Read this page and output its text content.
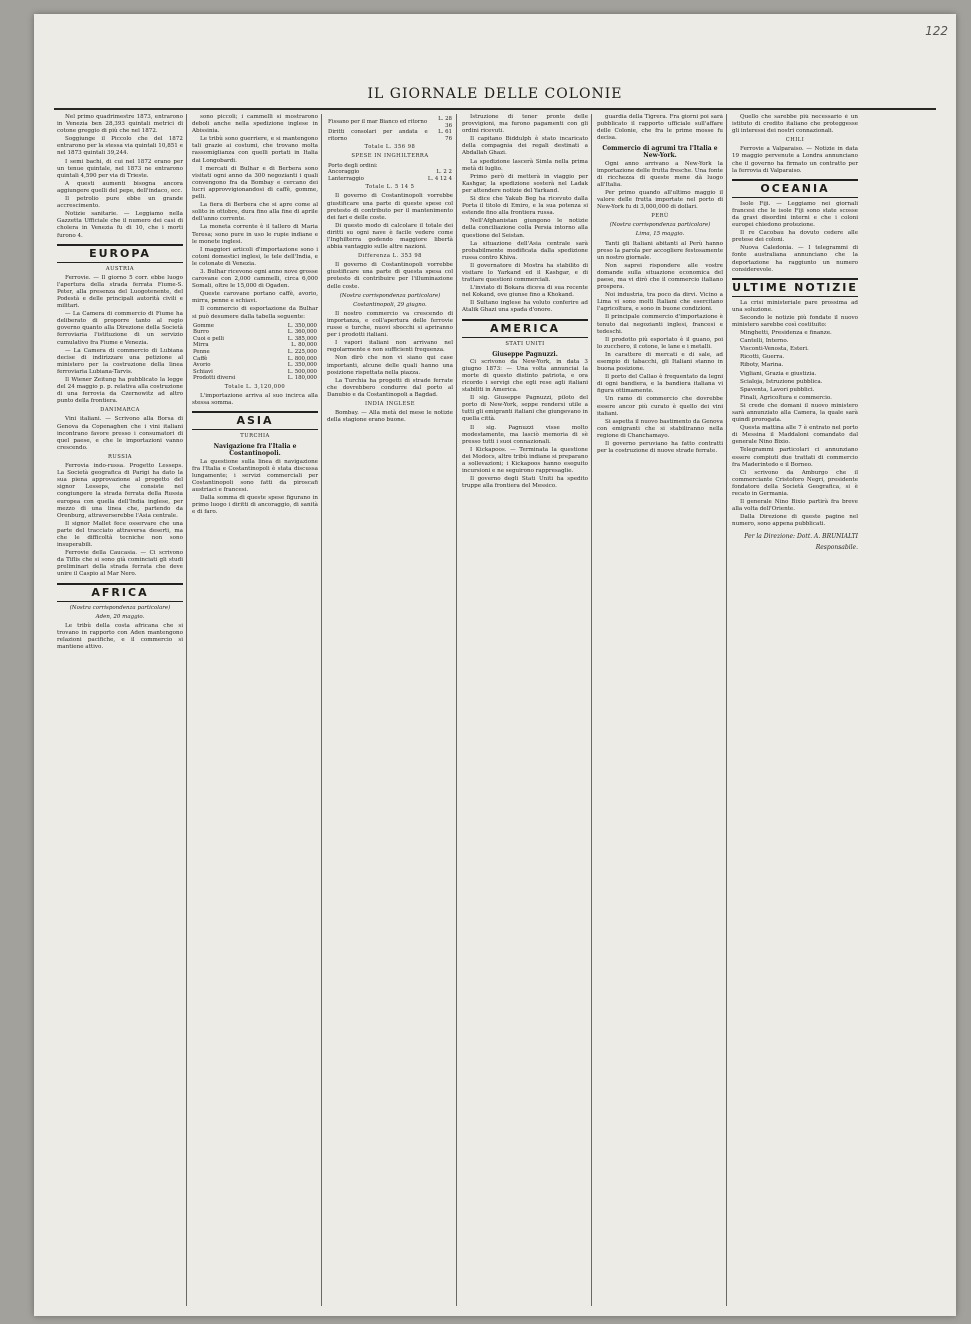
122
IL GIORNALE DELLE COLONIE

Nel primo quadrimestre 1873, entrarono in Venezia ben 28,393 quintali metrici di cotone greggio di più che nel 1872.

Soggiunge il Piccolo che del 1872 entrarono per la stessa via quintali 10,851 e nel 1873 quintali 39,244.

I semi bachi, di cui nel 1872 erano per un tenue quintale, nel 1873 ne entrarono quintali 4,590 per via di Trieste.

A questi aumenti bisogna ancora aggiungere quelli del pepe, dell'indaco, ecc.

Il petrolio pure ebbe un grande accrescimento.

Notizie sanitarie. — Leggiamo nella Gazzetta Ufficiale che il numero dei casi di cholera in Venezia fu di 10, che i morti furono 4.

EUROPA
AUSTRIA

Ferrovie. — Il giorno 5 corr. ebbe luogo l'apertura della strada ferrata Fiume-S. Peter, alla presenza del Luogotenente, del Podestà e delle principali autorità civili e militari.

— La Camera di commercio di Fiume ha deliberato di proporre tanto al regio governo quanto alla Direzione della Società ferroviaria l'istituzione di un servizio cumulativo fra Fiume e Venezia.

— La Camera di commercio di Lubiana decise di indirizzare una petizione al ministero per la costruzione della linea ferroviaria Lubiana-Tarvis.

Il Wiener Zeitung ha pubblicato la legge del 24 maggio p. p. relativa alla costruzione di una ferrovia da Czernowitz ad altro punto della frontiera.

DANIMARCA

Vini italiani. — Scrivono alla Borsa di Genova da Copenaghen che i vini italiani incontrano favore presso i consumatori di quel paese, e che le importazioni vanno crescendo.

RUSSIA

Ferrovia indo-russa. Progetto Lesseps. La Società geografica di Parigi ha dato la sua piena approvazione al progetto del signor Lesseps, che consiste nel congiungere la strada ferrata della Russia europea con quella dell'India inglese, per mezzo di una linea che, partendo da Orenburg, attraverserebbe l'Asia centrale.

Il signor Mallet fece osservare che una parte del tracciato attraversa deserti, ma che le difficoltà tecniche non sono insuperabili.

Ferrovie della Caucasia. — Ci scrivono da Tiflis che si sono già cominciati gli studi preliminari della strada ferrata che deve unire il Caspio al Mar Nero.

AFRICA
(Nostra corrispondenza particolare)
Aden, 20 maggio.

Le tribù della costa africana che si trovano in rapporto con Aden mantengono relazioni pacifiche, e il commercio si mantiene attivo.

sono piccoli; i cammelli si mostrarono deboli anche nella spedizione inglese in Abissinia.

Le tribù sono guerriere, e si mantengono tali grazie ai costumi, che trovano molta rassomiglianza con quelli portati in Italia dai Longobardi.

I mercati di Bulhar e di Berbera sono visitati ogni anno da 300 negozianti i quali convengono fra da Bombay e cercano dei lucri approvvigionandosi di caffè, gomme, pelli.

La fiera di Berbera che si apre come al solito in ottobre, dura fino alla fine di aprile dell'anno corrente.

La moneta corrente è il tallero di Maria Teresa; sono pure in uso le rupie indiane e le monete inglesi.

I maggiori articoli d'importazione sono i cotoni domestici inglesi, le tele dell'India, e le cotonate di Venezia.

3. Bulhar ricevono ogni anno nove grosse carovane con 2,000 cammelli, circa 6,000 Somali, oltre le 15,000 di Ogaden.

Queste carovane portano caffè, avorio, mirra, penne e schiavi.

Il commercio di esportazione da Bulhar si può desumere dalla tabella seguente:

Gomme	L. 350,000
Burro	L. 360,000
Cuoi e pelli	L. 385,000
Mirra	L. 80,000
Penne	L. 225,000
Caffè	L. 800,000
Avorio	L. 350,000
Schiavi	L. 500,000
Prodotti diversi	L. 180,000
Totale L. 3,120,000

L'importazione arriva al suo incirca alla stessa somma.

ASIA
TURCHIA
Navigazione fra l'Italia e Costantinopoli.

La questione sulla linea di navigazione fra l'Italia e Costantinopoli è stata discussa lungamente; i servizi commerciali per Costantinopoli sono fatti da piroscafi austriaci e francesi.

Dalla somma di queste spese figurano in primo luogo i diritti di ancoraggio, di sanità e di faro.

Fissano per il mar Bianco ed ritorno	L. 28 36
Diritti consolari per andata e ritorno	L. 61 76
Totale L. 356 98
SPESE IN INGHILTERRA
Porto degli ordini:	
Ancoraggio	L. 2 2
Lanterraggio	L. 4 12 4
Totale L. 5 14 5

Il governo di Costantinopoli vorrebbe giustificare una parte di queste spese col pretesto di contributo per il mantenimento dei fari e delle coste.

Di questo modo di calcolare il totale dei diritti su ogni nave è facile vedere come l'Inghilterra godendo maggiore libertà abbia vantaggio sulle altre nazioni.

Differenza L. 353 98

Il governo di Costantinopoli vorrebbe giustificare una parte di questa spesa col pretesto di contribuire per l'illuminazione delle coste.

(Nostra corrispondenza particolare)
Costantinopoli, 29 giugno.

Il nostro commercio va crescendo di importanza, e coll'apertura delle ferrovie russe e turche, nuovi sbocchi si apriranno per i prodotti italiani.

I vapori italiani non arrivano nel regolarmente e non sufficienti frequenza.

Non dirò che non vi siano qui case importanti, alcune delle quali hanno una posizione rispettata nella piazza.

La Turchia ha progetti di strade ferrate che dovrebbero condurre dal porto al Danubio e da Costantinopoli a Bagdad.

INDIA INGLESE

Bombay. — Alla metà del mese le notizie della stagione erano buone.

Istruzione di tener pronte delle provvigioni, ma furono pagamenti con gli ordini ricevuti.

Il capitano Biddulph è stato incaricato della compagnia dei regali destinati a Abdallah Ghazi.

La spedizione lascerà Simla nella prima metà di luglio.

Primo però di metterà in viaggio per Kashgar, la spedizione sosterà nel Ladak per attendere notizie del Yarkand.

Si dice che Yakub Beg ha ricevuto dalla Porta il titolo di Emiro, e la sua potenza si estende fino alla frontiera russa.

Nell'Afghanistan giungono le notizie della conciliazione colla Persia intorno alla questione del Seistan.

La situazione dell'Asia centrale sarà probabilmente modificata dalla spedizione russa contro Khiva.

Il governatore di Mostra ha stabilito di visitare lo Yarkand ed il Kashgar, e di trattare questioni commerciali.

L'inviato di Bokara diceva di sua recente nel Kokand, ove giunse fino a Khokand.

Il Sultano inglese ha voluto conferire ad Atalik Ghazi una spada d'onore.

AMERICA
STATI UNITI
Giuseppe Pagnuzzi.

Ci scrivono da New-York, in data 3 giugno 1873: — Una volta annunciai la morte di questo distinto patriota, e ora ricordo i servigi che egli rese agli italiani stabiliti in America.

Il sig. Giuseppe Pagnuzzi, piloto del porto di New-York, seppe rendersi utile a tutti gli emigranti italiani che giungevano in quella città.

Il sig. Pagnuzzi visse molto modestamente, ma lasciò memoria di sè presso tutti i suoi connazionali.

I Kickapoos. — Terminata la questione dei Modocs, altre tribù indiane si preparano a sollevazioni; i Kickapoos hanno eseguito incursioni e ne seguirono rappresaglie.

Il governo degli Stati Uniti ha spedito truppe alla frontiera del Messico.

guardia della Tigrera. Fra giorni poi sarà pubblicato il rapporto ufficiale sull'affare delle Colonie, che fra le prime mosse fu decisa.

Commercio di agrumi tra l'Italia e New-York.

Ogni anno arrivano a New-York la importazione delle frutta fresche. Una fonte di ricchezza di queste mene dà luogo all'Italia.

Per primo quando all'ultimo maggio il valore delle frutta importate nel porto di New-York fu di 3,000,000 di dollari.

PERÙ
(Nostra corrispondenza particolare)
Lima, 15 maggio.

Tanti gli Italiani abitanti al Perù hanno preso la parola per accogliere festosamente un nostro giornale.

Non saprei rispondere alle vostre domande sulla situazione economica del paese, ma vi dirò che il commercio italiano prospera.

Noi industria, tra poco da dirvi. Vicino a Lima vi sono molti Italiani che esercitano l'agricoltura, e sono in buone condizioni.

Il principale commercio d'importazione è tenuto dai negozianti inglesi, francesi e tedeschi.

Il prodotto più esportato è il guano, poi lo zucchero, il cotone, le lane e i metalli.

In carattere di mercati e di sale, ad esempio di tabacchi, gli Italiani stanno in buona posizione.

Il porto del Callao è frequentato da legni di ogni bandiera, e la bandiera italiana vi figura ottimamente.

Un ramo di commercio che dovrebbe essere ancor più curato è quello dei vini italiani.

Si aspetta il nuovo bastimento da Genova con emigranti che si stabiliranno nella regione di Chanchamayo.

Il governo peruviano ha fatto contratti per la costruzione di nuove strade ferrate.

Quello che sarebbe più necessario è un istituto di credito italiano che proteggesse gli interessi dei nostri connazionali.

CHILI

Ferrovie a Valparaiso. — Notizie in data 19 maggio pervenute a Londra annunciano che il governo ha firmato un contratto per la ferrovia di Valparaiso.

OCEANIA

Isole Fiji. — Leggiamo nei giornali francesi che le isole Fiji sono state scosse da gravi disordini interni e che i coloni europei chiedono protezione.

Il re Cacobau ha dovuto cedere alle pretese dei coloni.

Nuova Caledonia. — I telegrammi di fonte australiana annunciano che la deportazione ha raggiunto un numero considerevole.

ULTIME NOTIZIE

La crisi ministeriale pare prossima ad una soluzione.

Secondo le notizie più fondate il nuovo ministero sarebbe così costituito:

Minghetti, Presidenza e finanze.

Cantelli, Interno.

Visconti-Venosta, Esteri.

Ricotti, Guerra.

Riboty, Marina.

Vigliani, Grazia e giustizia.

Scialoja, Istruzione pubblica.

Spaventa, Lavori pubblici.

Finali, Agricoltura e commercio.

Si crede che domani il nuovo ministero sarà annunziato alla Camera, la quale sarà quindi prorogata.

Questa mattina alle 7 è entrato nel porto di Messina il Maddaloni comandato dal generale Nino Bixio.

Telegrammi particolari ci annunziano essere compiuti due trattati di commercio fra Maderintedo e il Borneo.

Ci scrivono da Amburgo che il commerciante Cristoforo Negri, presidente fondatore della Società Geografica, si è recato in Germania.

Il generale Nino Bixio partirà fra breve alla volta dell'Oriente.

Dalla Direzione di queste pagine nel numero, sono appena pubblicati.

Per la Direzione: Dott. A. BRUNIALTI
Responsabile.
